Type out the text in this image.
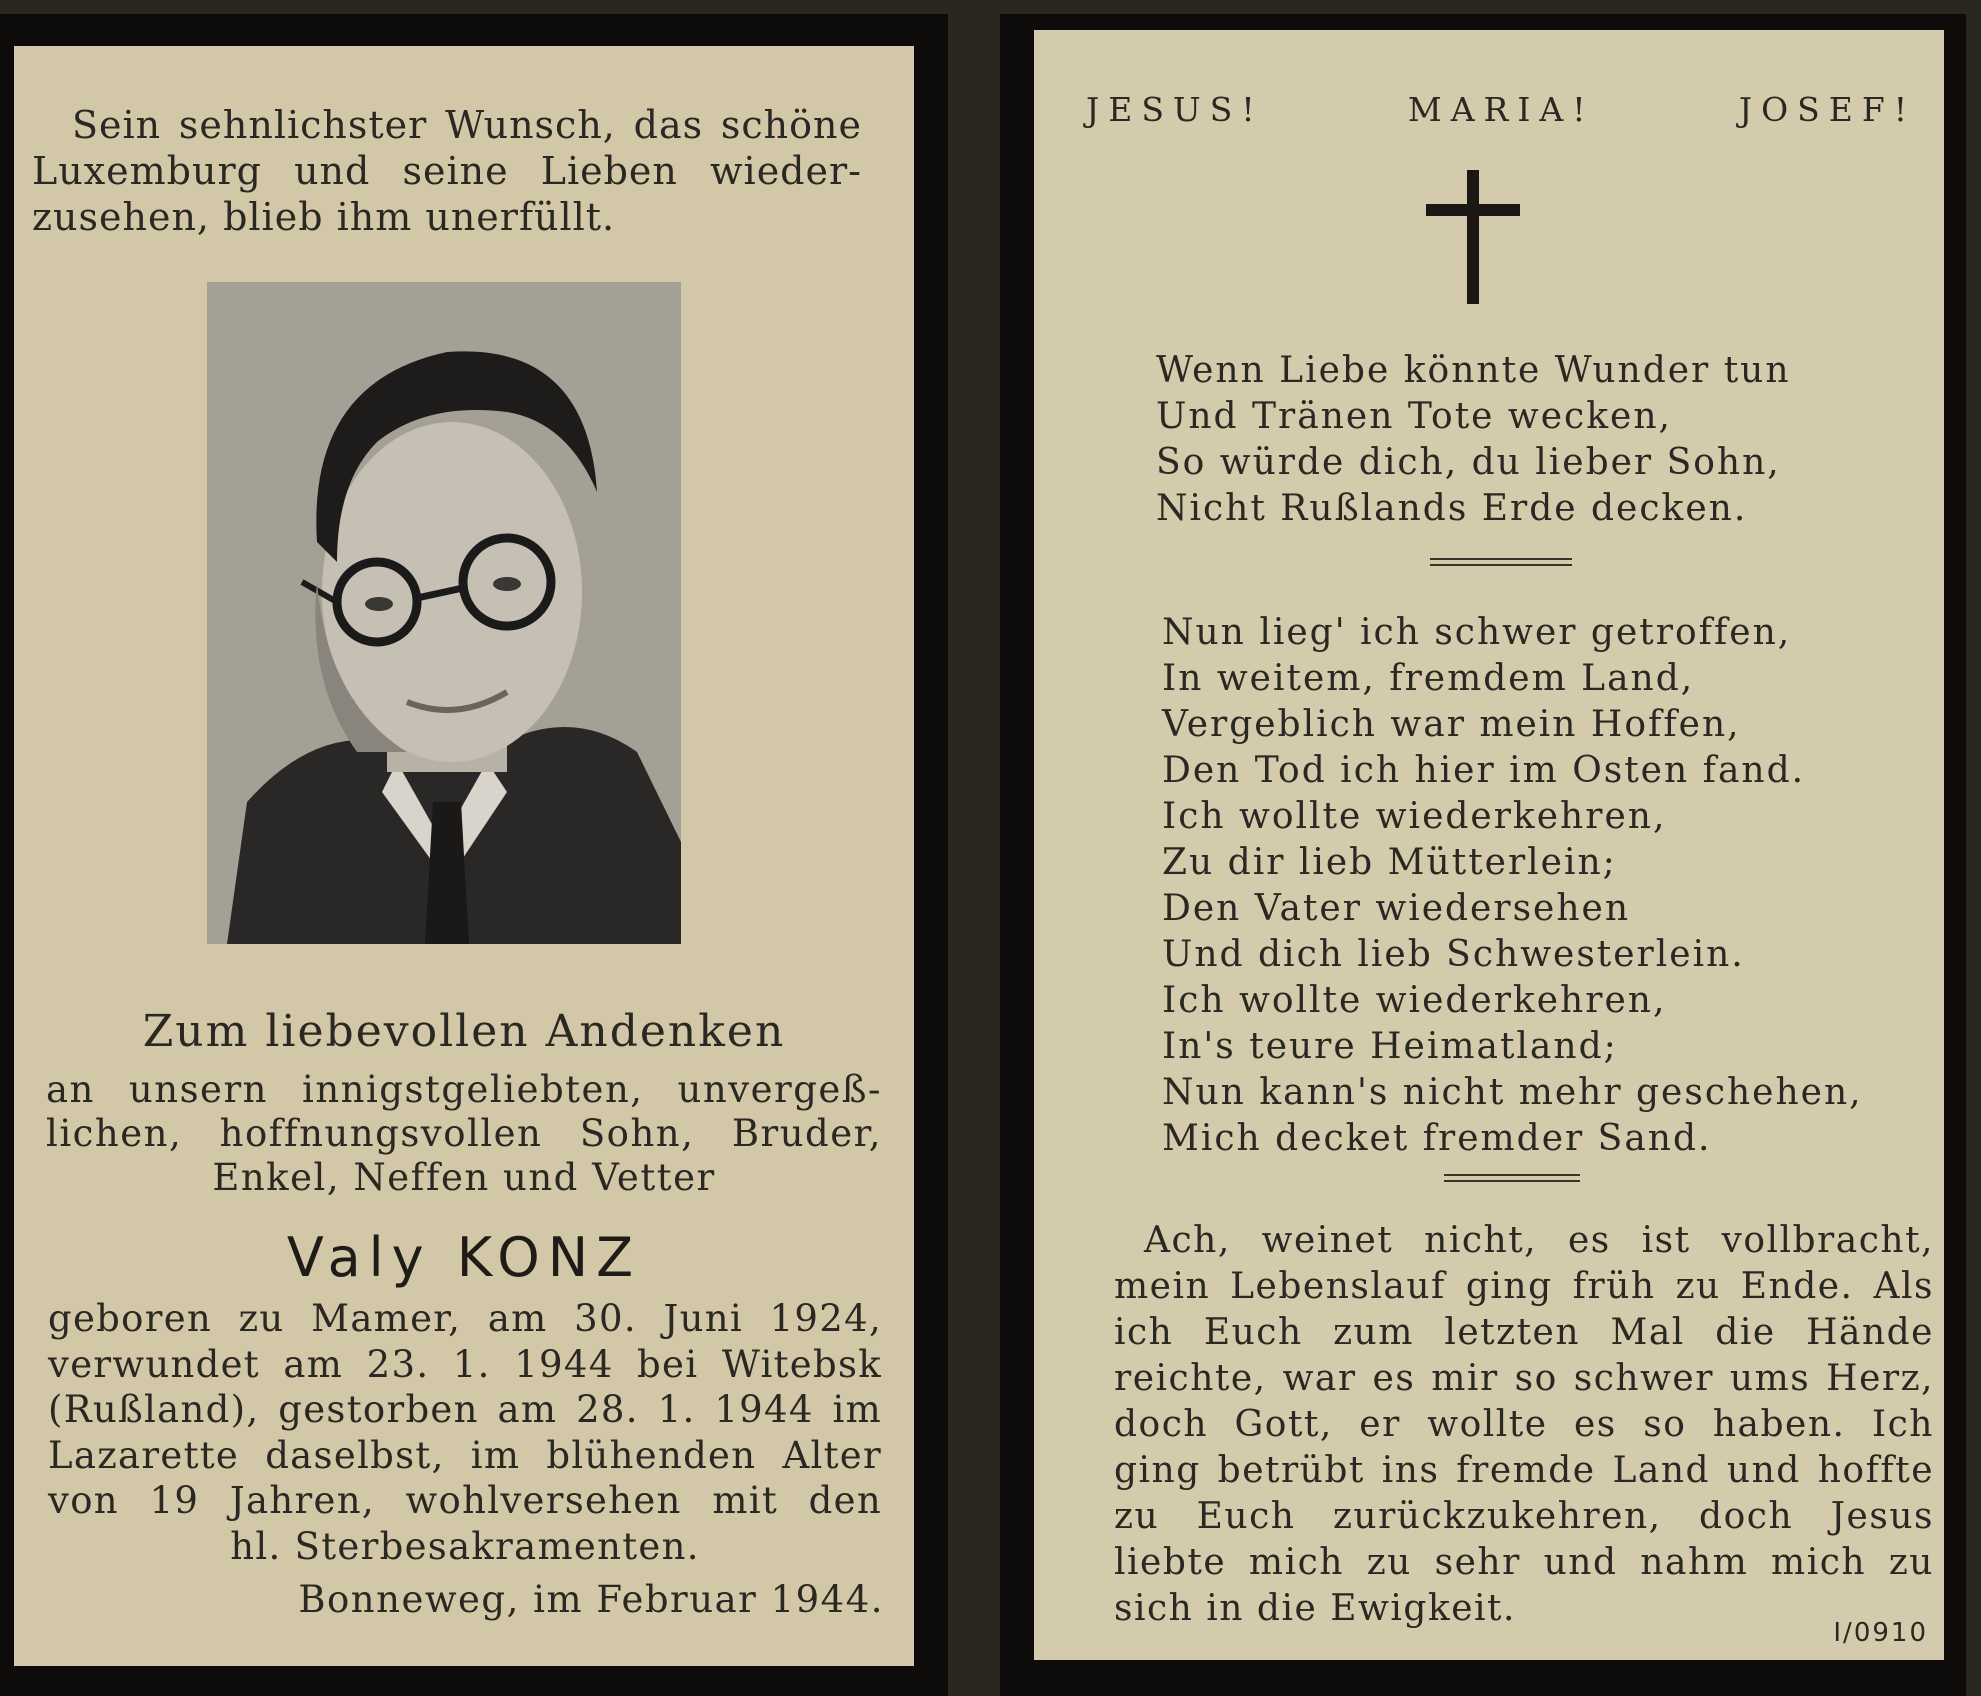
Sein sehnlichster Wunsch, das schöne
Luxemburg und seine Lieben wieder-
zusehen, blieb ihm unerfüllt.
Zum liebevollen Andenken
an unsern innigstgeliebten, unvergeß-
lichen, hoffnungsvollen Sohn, Bruder,
Enkel, Neffen und Vetter
Valy KONZ
geboren zu Mamer, am 30. Juni 1924,
verwundet am 23. 1. 1944 bei Witebsk
(Rußland), gestorben am 28. 1. 1944 im
Lazarette daselbst, im blühenden Alter
von 19 Jahren, wohlversehen mit den
hl. Sterbesakramenten.
Bonneweg, im Februar 1944.
JESUS!	MARIA!	JOSEF!
Wenn Liebe könnte Wunder tun
Und Tränen Tote wecken,
So würde dich, du lieber Sohn,
Nicht Rußlands Erde decken.
Nun lieg' ich schwer getroffen,
In weitem, fremdem Land,
Vergeblich war mein Hoffen,
Den Tod ich hier im Osten fand.
Ich wollte wiederkehren,
Zu dir lieb Mütterlein;
Den Vater wiedersehen
Und dich lieb Schwesterlein.
Ich wollte wiederkehren,
In's teure Heimatland;
Nun kann's nicht mehr geschehen,
Mich decket fremder Sand.
Ach, weinet nicht, es ist vollbracht,
mein Lebenslauf ging früh zu Ende. Als
ich Euch zum letzten Mal die Hände
reichte, war es mir so schwer ums Herz,
doch Gott, er wollte es so haben. Ich
ging betrübt ins fremde Land und hoffte
zu Euch zurückzukehren, doch Jesus
liebte mich zu sehr und nahm mich zu
sich in die Ewigkeit.
I/0910
